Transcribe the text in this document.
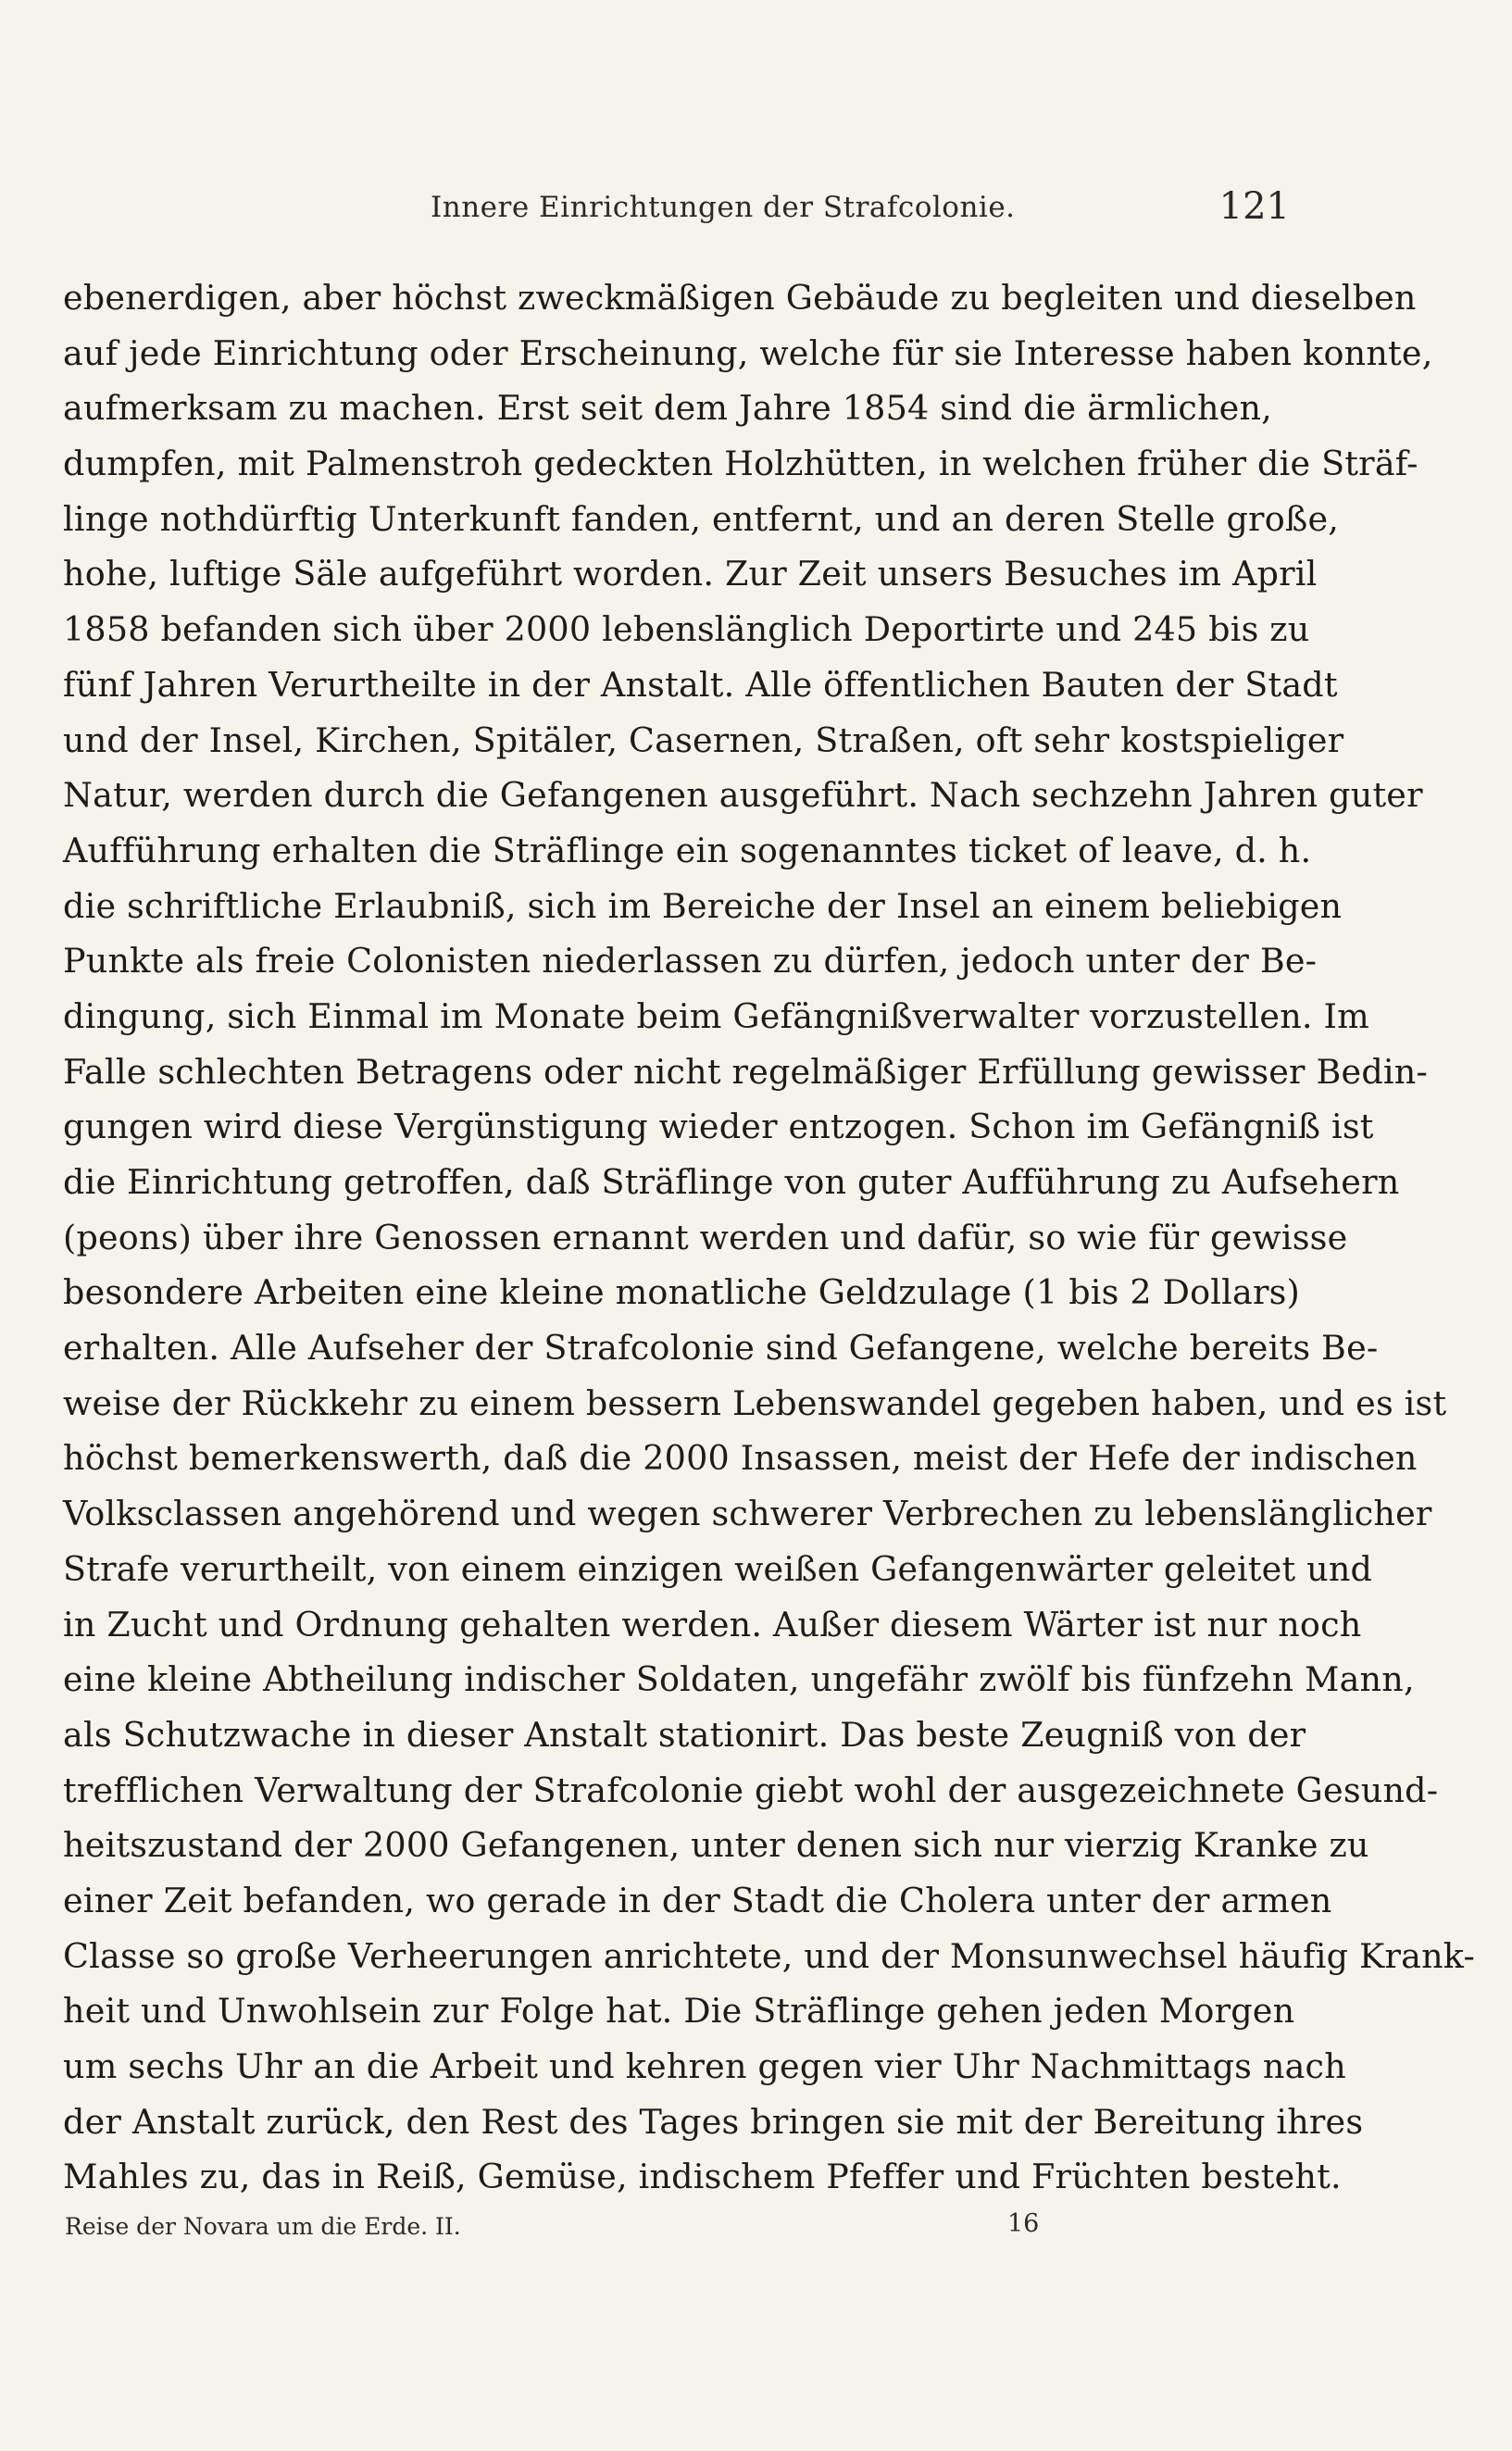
Innere Einrichtungen der Strafcolonie.	121
ebenerdigen, aber höchst zweckmäßigen Gebäude zu begleiten und dieselben
auf jede Einrichtung oder Erscheinung, welche für sie Interesse haben konnte,
aufmerksam zu machen. Erst seit dem Jahre 1854 sind die ärmlichen,
dumpfen, mit Palmenstroh gedeckten Holzhütten, in welchen früher die Sträf-
linge nothdürftig Unterkunft fanden, entfernt, und an deren Stelle große,
hohe, luftige Säle aufgeführt worden. Zur Zeit unsers Besuches im April
1858 befanden sich über 2000 lebenslänglich Deportirte und 245 bis zu
fünf Jahren Verurtheilte in der Anstalt. Alle öffentlichen Bauten der Stadt
und der Insel, Kirchen, Spitäler, Casernen, Straßen, oft sehr kostspieliger
Natur, werden durch die Gefangenen ausgeführt. Nach sechzehn Jahren guter
Aufführung erhalten die Sträflinge ein sogenanntes ticket of leave, d. h.
die schriftliche Erlaubniß, sich im Bereiche der Insel an einem beliebigen
Punkte als freie Colonisten niederlassen zu dürfen, jedoch unter der Be-
dingung, sich Einmal im Monate beim Gefängnißverwalter vorzustellen. Im
Falle schlechten Betragens oder nicht regelmäßiger Erfüllung gewisser Bedin-
gungen wird diese Vergünstigung wieder entzogen. Schon im Gefängniß ist
die Einrichtung getroffen, daß Sträflinge von guter Aufführung zu Aufsehern
(peons) über ihre Genossen ernannt werden und dafür, so wie für gewisse
besondere Arbeiten eine kleine monatliche Geldzulage (1 bis 2 Dollars)
erhalten. Alle Aufseher der Strafcolonie sind Gefangene, welche bereits Be-
weise der Rückkehr zu einem bessern Lebenswandel gegeben haben, und es ist
höchst bemerkenswerth, daß die 2000 Insassen, meist der Hefe der indischen
Volksclassen angehörend und wegen schwerer Verbrechen zu lebenslänglicher
Strafe verurtheilt, von einem einzigen weißen Gefangenwärter geleitet und
in Zucht und Ordnung gehalten werden. Außer diesem Wärter ist nur noch
eine kleine Abtheilung indischer Soldaten, ungefähr zwölf bis fünfzehn Mann,
als Schutzwache in dieser Anstalt stationirt. Das beste Zeugniß von der
trefflichen Verwaltung der Strafcolonie giebt wohl der ausgezeichnete Gesund-
heitszustand der 2000 Gefangenen, unter denen sich nur vierzig Kranke zu
einer Zeit befanden, wo gerade in der Stadt die Cholera unter der armen
Classe so große Verheerungen anrichtete, und der Monsunwechsel häufig Krank-
heit und Unwohlsein zur Folge hat. Die Sträflinge gehen jeden Morgen
um sechs Uhr an die Arbeit und kehren gegen vier Uhr Nachmittags nach
der Anstalt zurück, den Rest des Tages bringen sie mit der Bereitung ihres
Mahles zu, das in Reiß, Gemüse, indischem Pfeffer und Früchten besteht.
Reise der Novara um die Erde. II.	16
